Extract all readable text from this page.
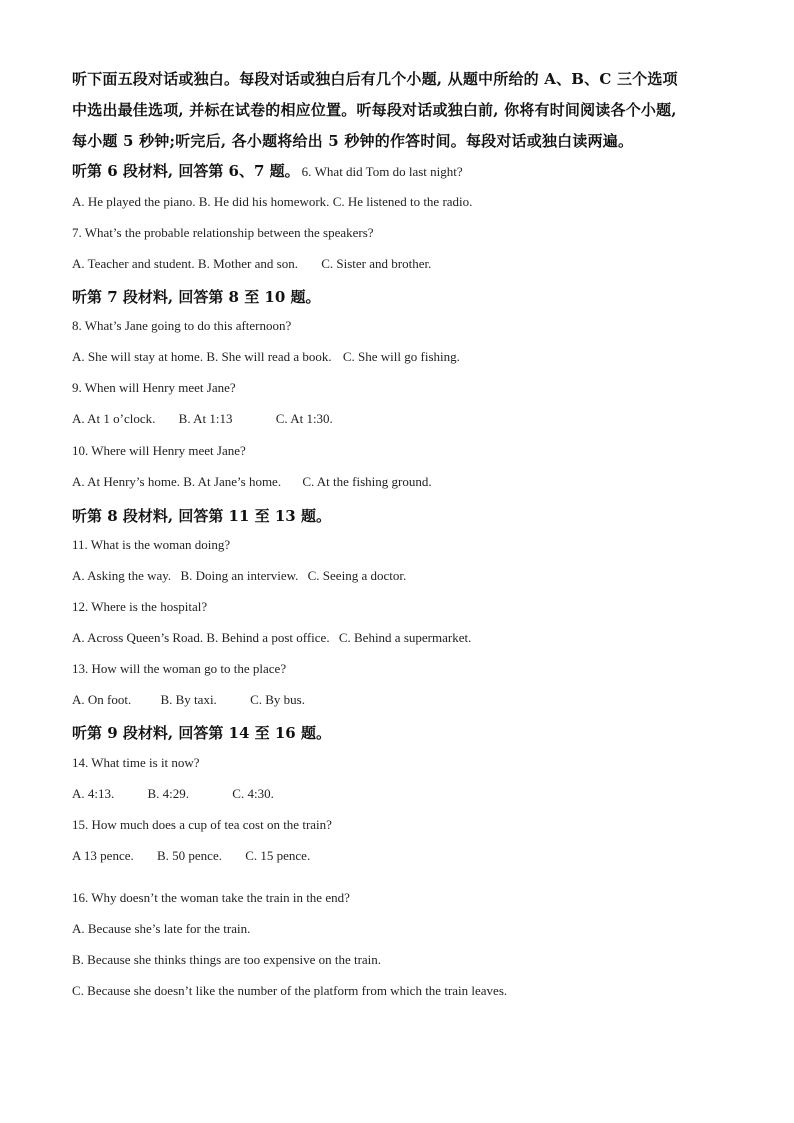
听下面五段对话或独白。每段对话或独白后有几个小题, 从题中所给的 A、B、C 三个选项

中选出最佳选项, 并标在试卷的相应位置。听每段对话或独白前, 你将有时间阅读各个小题,

每小题 5 秒钟;听完后, 各小题将给出 5 秒钟的作答时间。每段对话或独白读两遍。

听第 6 段材料, 回答第 6、7 题。 6. What did Tom do last night?
A. He played the piano. B. He did his homework. C. He listened to the radio.
7. What’s the probable relationship between the speakers?
A. Teacher and student. B. Mother and son. C. Sister and brother.
听第 7 段材料, 回答第 8 至 10 题。
8. What’s Jane going to do this afternoon?
A. She will stay at home. B. She will read a book. C. She will go fishing.
9. When will Henry meet Jane?
A. At 1 o’clock. B. At 1:13	C. At 1:30.
10. Where will Henry meet Jane?
A. At Henry’s home. B. At Jane’s home. C. At the fishing ground.
听第 8 段材料, 回答第 11 至 13 题。
11. What is the woman doing?
A. Asking the way. B. Doing an interview. C. Seeing a doctor.
12. Where is the hospital?
A. Across Queen’s Road. B. Behind a post office. C. Behind a supermarket.
13. How will the woman go to the place?
A. On foot. B. By taxi.	C. By bus.
听第 9 段材料, 回答第 14 至 16 题。
14. What time is it now?
A. 4:13.	B. 4:29.	C. 4:30.
15. How much does a cup of tea cost on the train?
A 13 pence. B. 50 pence. C. 15 pence.
16. Why doesn’t the woman take the train in the end?
A. Because she’s late for the train.
B. Because she thinks things are too expensive on the train.
C. Because she doesn’t like the number of the platform from which the train leaves.
